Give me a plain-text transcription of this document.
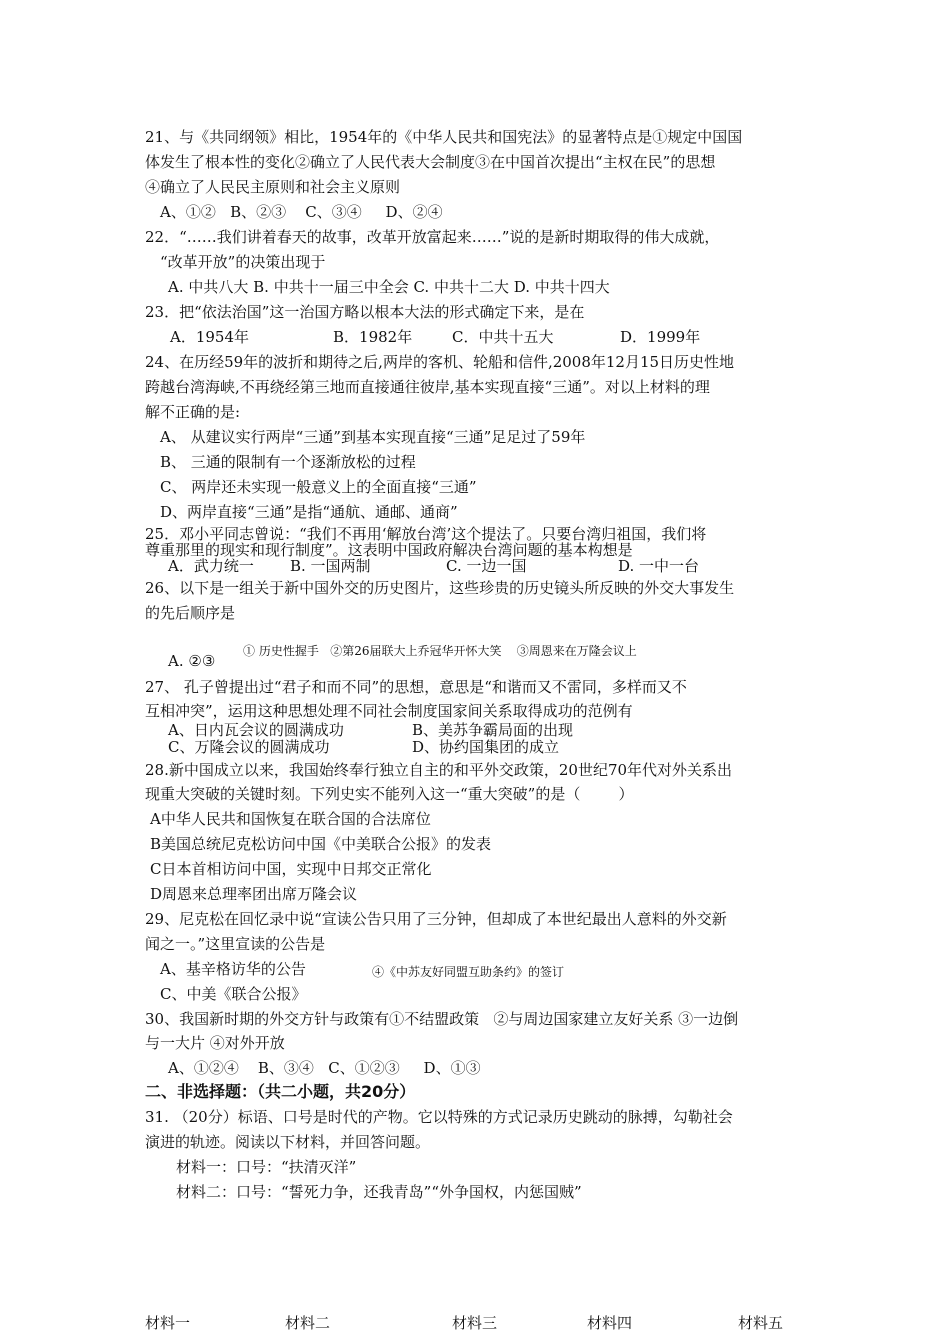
21、与《共同纲领》相比，1954年的《中华人民共和国宪法》的显著特点是①规定中国国
体发生了根本性的变化②确立了人民代表大会制度③在中国首次提出“主权在民”的思想
④确立了人民民主原则和社会主义原则
A、①②   B、②③    C、③④     D、②④
22．“……我们讲着春天的故事，改革开放富起来……”说的是新时期取得的伟大成就，
“改革开放”的决策出现于
A. 中共八大 B. 中共十一届三中全会 C. 中共十二大 D. 中共十四大
23．把“依法治国”这一治国方略以根本大法的形式确定下来，是在
A．1954年	B．1982年	C．中共十五大	D．1999年
24、在历经59年的波折和期待之后,两岸的客机、轮船和信件,2008年12月15日历史性地
跨越台湾海峡,不再绕经第三地而直接通往彼岸,基本实现直接“三通”。对以上材料的理
解不正确的是:
A、 从建议实行两岸“三通”到基本实现直接“三通”足足过了59年
B、 三通的限制有一个逐渐放松的过程
C、 两岸还未实现一般意义上的全面直接“三通”
D、两岸直接“三通”是指“通航、通邮、通商”
25．邓小平同志曾说：“我们不再用‘解放台湾’这个提法了。只要台湾归祖国，我们将
尊重那里的现实和现行制度”。这表明中国政府解决台湾问题的基本构想是
A．武力统一 B. 一国两制	C. 一边一国	D. 一中一台
26、以下是一组关于新中国外交的历史图片，这些珍贵的历史镜头所反映的外交大事发生
的先后顺序是
① 历史性握手   ②第26届联大上乔冠华开怀大笑    ③周恩来在万隆会议上
A. ②③
27、 孔子曾提出过“君子和而不同”的思想，意思是“和谐而又不雷同，多样而又不
互相冲突”，运用这种思想处理不同社会制度国家间关系取得成功的范例有
A、日内瓦会议的圆满成功	B、美苏争霸局面的出现
C、万隆会议的圆满成功	D、协约国集团的成立
28.新中国成立以来，我国始终奉行独立自主的和平外交政策，20世纪70年代对外关系出
现重大突破的关键时刻。下列史实不能列入这一“重大突破”的是（        ）
A中华人民共和国恢复在联合国的合法席位
B美国总统尼克松访问中国《中美联合公报》的发表
C日本首相访问中国，实现中日邦交正常化
D周恩来总理率团出席万隆会议
29、尼克松在回忆录中说“宣读公告只用了三分钟，但却成了本世纪最出人意料的外交新
闻之一。”这里宣读的公告是
A、基辛格访华的公告	④《中苏友好同盟互助条约》的签订
C、中美《联合公报》
30、我国新时期的外交方针与政策有①不结盟政策   ②与周边国家建立友好关系 ③一边倒
与一大片 ④对外开放
A、①②④    B、③④   C、①②③     D、①③
二、非选择题：（共二小题，共20分）
31. （20分）标语、口号是时代的产物。它以特殊的方式记录历史跳动的脉搏，勾勒社会
演进的轨迹。阅读以下材料，并回答问题。
材料一：口号：“扶清灭洋”
材料二：口号：“誓死力争，还我青岛”“外争国权，内惩国贼”
材料一	材料二	材料三	材料四	材料五
